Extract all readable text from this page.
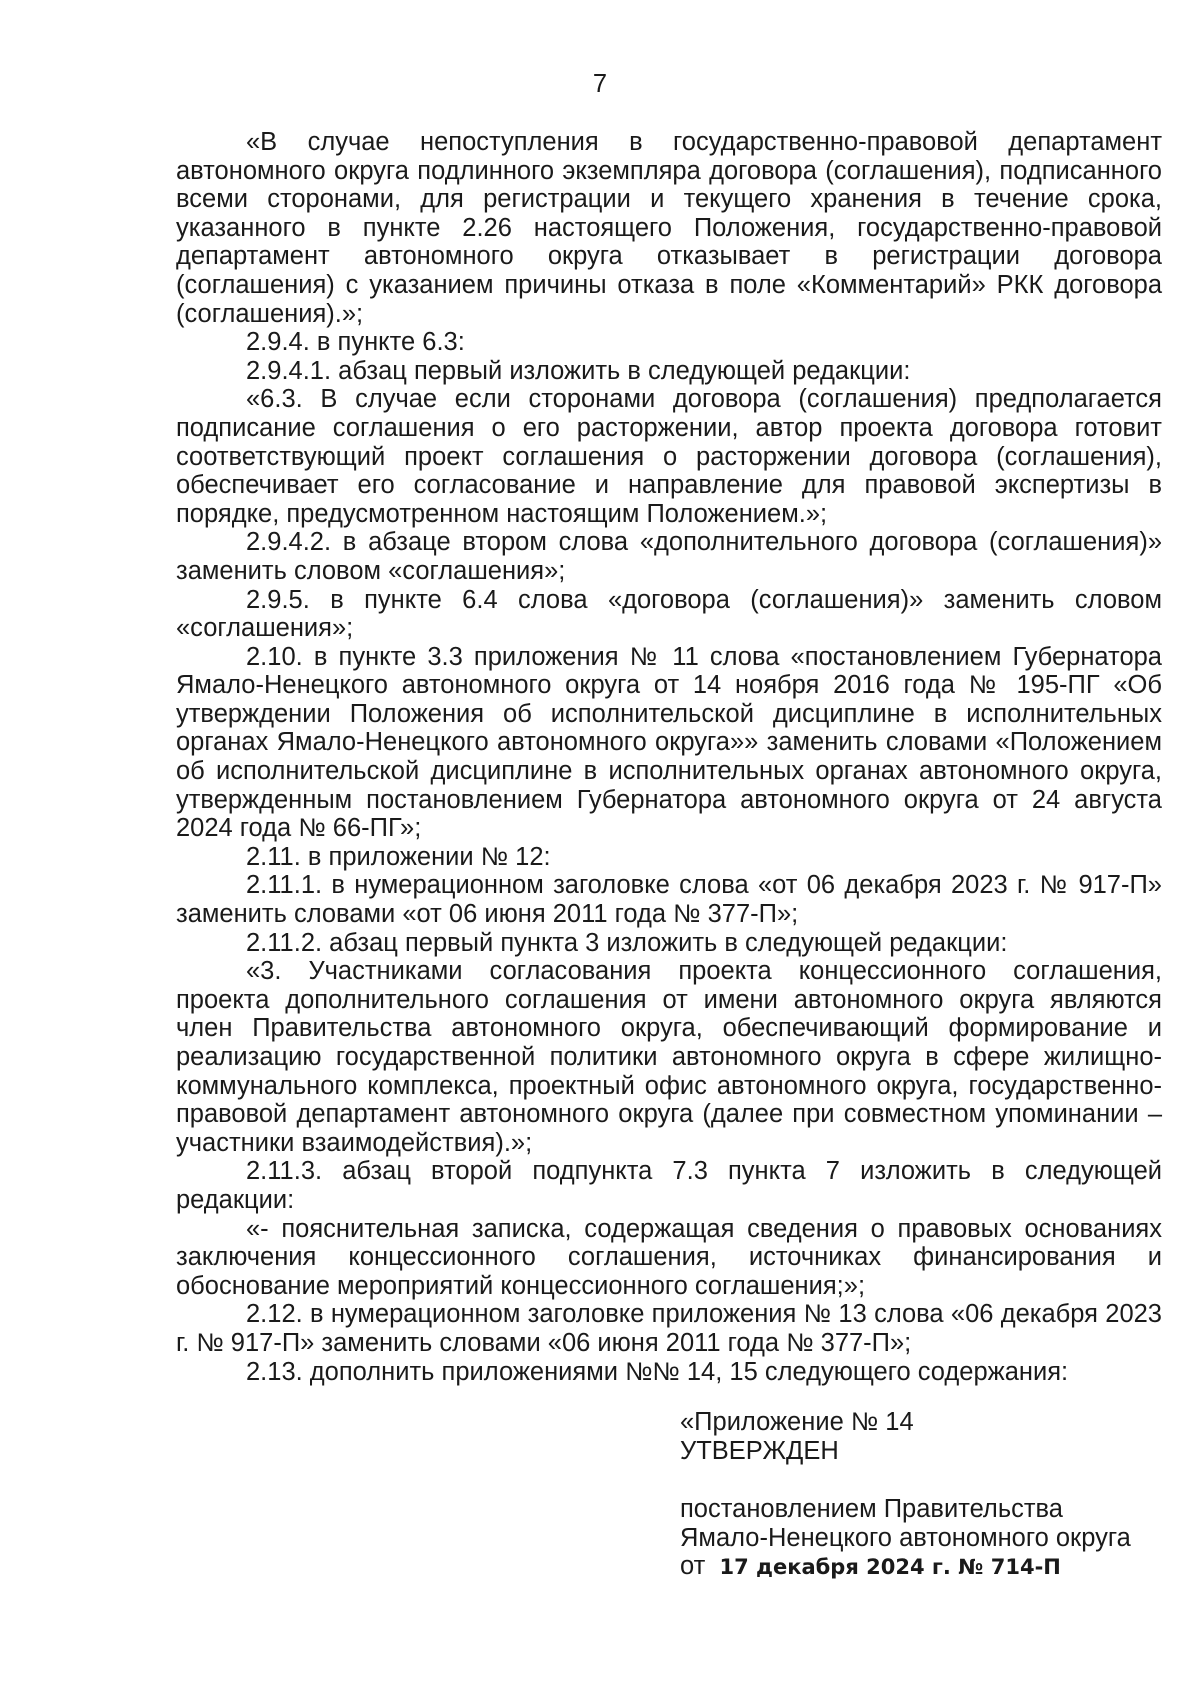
7

«В случае непоступления в государственно-правовой департамент автономного округа подлинного экземпляра договора (соглашения), подписанного всеми сторонами, для регистрации и текущего хранения в течение срока, указанного в пункте 2.26 настоящего Положения, государственно-правовой департамент автономного округа отказывает в регистрации договора (соглашения) с указанием причины отказа в поле «Комментарий» РКК договора (соглашения).»;

2.9.4. в пункте 6.3:

2.9.4.1. абзац первый изложить в следующей редакции:

«6.3. В случае если сторонами договора (соглашения) предполагается подписание соглашения о его расторжении, автор проекта договора готовит соответствующий проект соглашения о расторжении договора (соглашения), обеспечивает его согласование и направление для правовой экспертизы в порядке, предусмотренном настоящим Положением.»;

2.9.4.2. в абзаце втором слова «дополнительного договора (соглашения)» заменить словом «соглашения»;

2.9.5. в пункте 6.4 слова «договора (соглашения)» заменить словом «соглашения»;

2.10. в пункте 3.3 приложения № 11 слова «постановлением Губернатора Ямало-Ненецкого автономного округа от 14 ноября 2016 года № 195-ПГ «Об утверждении Положения об исполнительской дисциплине в исполнительных органах Ямало-Ненецкого автономного округа»» заменить словами «Положением об исполнительской дисциплине в исполнительных органах автономного округа, утвержденным постановлением Губернатора автономного округа от 24 августа 2024 года № 66-ПГ»;

2.11. в приложении № 12:

2.11.1. в нумерационном заголовке слова «от 06 декабря 2023 г. № 917-П» заменить словами «от 06 июня 2011 года № 377-П»;

2.11.2. абзац первый пункта 3 изложить в следующей редакции:

«3. Участниками согласования проекта концессионного соглашения, проекта дополнительного соглашения от имени автономного округа являются член Правительства автономного округа, обеспечивающий формирование и реализацию государственной политики автономного округа в сфере жилищно-коммунального комплекса, проектный офис автономного округа, государственно-правовой департамент автономного округа (далее при совместном упоминании – участники взаимодействия).»;

2.11.3. абзац второй подпункта 7.3 пункта 7 изложить в следующей редакции:

«- пояснительная записка, содержащая сведения о правовых основаниях заключения концессионного соглашения, источниках финансирования и обоснование мероприятий концессионного соглашения;»;

2.12. в нумерационном заголовке приложения № 13 слова «06 декабря 2023 г. № 917-П» заменить словами «06 июня 2011 года № 377-П»;

2.13. дополнить приложениями №№ 14, 15 следующего содержания:

«Приложение № 14
УТВЕРЖДЕН
постановлением Правительства
Ямало-Ненецкого автономного округа
от 17 декабря 2024 г. № 714-П
